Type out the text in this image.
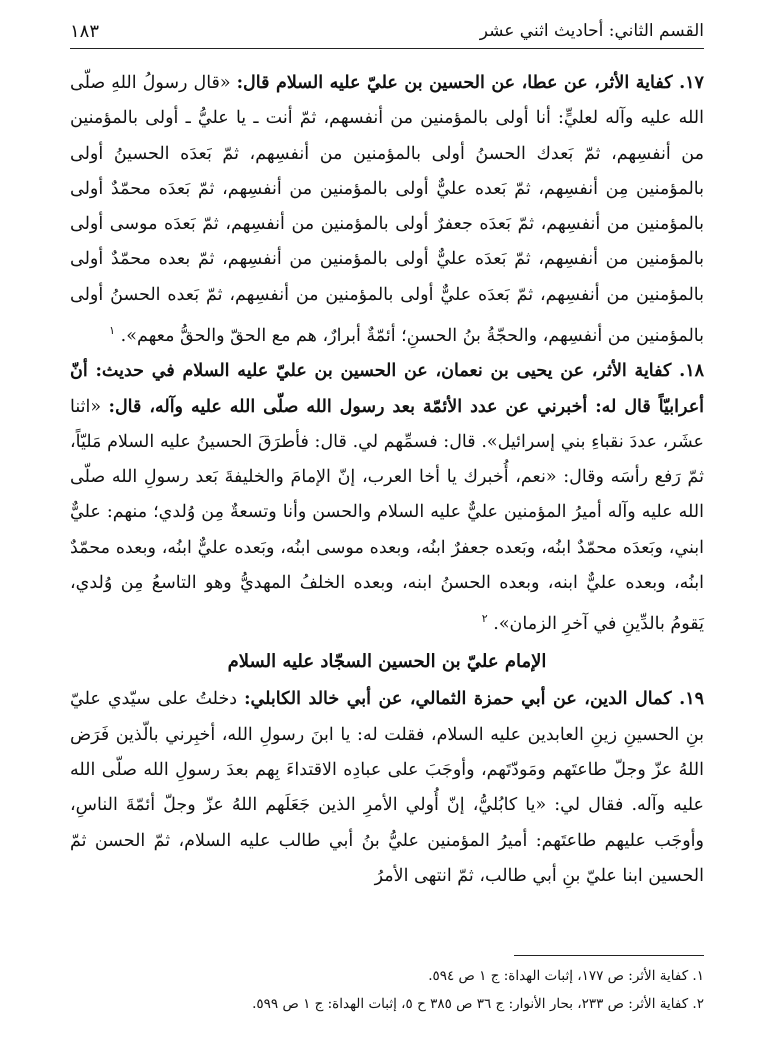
القسم الثاني: أحاديث اثني عشر
١٨٣

١٧. كفاية الأثر، عن عطا، عن الحسين بن عليّ عليه السلام قال: «قال رسولُ اللهِ صلّى الله عليه وآله لعليٍّ: أنا أولى بالمؤمنين من أنفسهم، ثمّ أنت ـ يا عليُّ ـ أولى بالمؤمنين من أنفسِهم، ثمّ بَعدك الحسنُ أولى بالمؤمنين من أنفسِهم، ثمّ بَعدَه الحسينُ أولى بالمؤمنين مِن أنفسِهم، ثمّ بَعده عليٌّ أولى بالمؤمنين من أنفسِهم، ثمّ بَعدَه محمّدٌ أولى بالمؤمنين من أنفسِهم، ثمّ بَعدَه جعفرٌ أولى بالمؤمنين من أنفسِهم، ثمّ بَعدَه موسى أولى بالمؤمنين من أنفسِهم، ثمّ بَعدَه عليٌّ أولى بالمؤمنين من أنفسِهم، ثمّ بعده محمّدٌ أولى بالمؤمنين من أنفسِهم، ثمّ بَعدَه عليٌّ أولى بالمؤمنين من أنفسِهم، ثمّ بَعده الحسنُ أولى بالمؤمنين من أنفسِهم، والحجّةُ بنُ الحسنِ؛ أئمّةٌ أبرارٌ، هم مع الحقّ والحقُّ معهم». $^١$

١٨. كفاية الأثر، عن يحيى بن نعمان، عن الحسين بن عليّ عليه السلام في حديث: أنّ أعرابيّاً قال له: أخبرني عن عدد الأئمّة بعد رسول الله صلّى الله عليه وآله، قال: «اثنا عشَر، عددَ نقباءِ بني إسرائيل». قال: فسمِّهم لي. قال: فأطرَقَ الحسينُ عليه السلام مَليّاً، ثمّ رَفع رأسَه وقال: «نعم، أُخبرك يا أخا العرب، إنّ الإمامَ والخليفةَ بَعد رسولِ الله صلّى الله عليه وآله أميرُ المؤمنين عليٌّ عليه السلام والحسن وأنا وتسعةٌ مِن وُلدي؛ منهم: عليٌّ ابني، وبَعدَه محمّدٌ ابنُه، وبَعده جعفرٌ ابنُه، وبعده موسى ابنُه، وبَعده عليٌّ ابنُه، وبعده محمّدٌ ابنُه، وبعده عليٌّ ابنه، وبعده الحسنُ ابنه، وبعده الخلفُ المهديُّ وهو التاسعُ مِن وُلدي، يَقومُ بالدِّينِ في آخرِ الزمان». $^٢$

الإمام عليّ بن الحسين السجّاد عليه السلام

١٩. كمال الدين، عن أبي حمزة الثمالي، عن أبي خالد الكابلي: دخلتُ على سيّدي عليّ بنِ الحسينِ زينِ العابدين عليه السلام، فقلت له: يا ابنَ رسولِ الله، أخبِرني بالّذين فَرَض اللهُ عزّ وجلّ طاعتَهم ومَودّتَهم، وأوجَبَ على عبادِه الاقتداءَ بِهم بعدَ رسولِ الله صلّى الله عليه وآله. فقال لي: «يا كابُليُّ، إنّ أُولي الأمرِ الذين جَعَلَهم اللهُ عزّ وجلّ أئمّةَ الناسِ، وأوجَب عليهم طاعتَهم: أميرُ المؤمنين عليُّ بنُ أبي طالب عليه السلام، ثمّ الحسن ثمّ الحسين ابنا عليّ بنِ أبي طالب، ثمّ انتهى الأمرُ

١. كفاية الأثر: ص ١٧٧، إثبات الهداة: ج ١ ص ٥٩٤.

٢. كفاية الأثر: ص ٢٣٣، بحار الأنوار: ج ٣٦ ص ٣٨٥ ح ٥، إثبات الهداة: ج ١ ص ٥٩٩.
